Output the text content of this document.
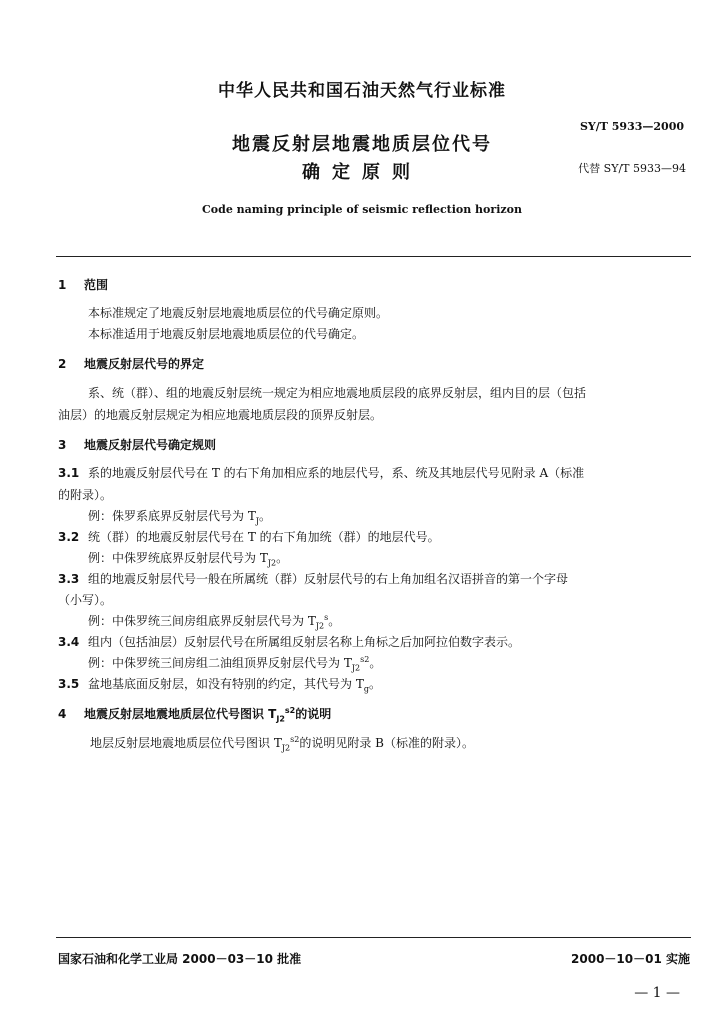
中华人民共和国石油天然气行业标准
SY/T 5933—2000
地震反射层地震地质层位代号
确定原则	代替 SY/T 5933—94
Code naming principle of seismic reflection horizon
1 范围
本标准规定了地震反射层地震地质层位的代号确定原则。
本标准适用于地震反射层地震地质层位的代号确定。
2 地震反射层代号的界定
系、统（群）、组的地震反射层统一规定为相应地震地质层段的底界反射层，组内目的层（包括
油层）的地震反射层规定为相应地震地质层段的顶界反射层。
3 地震反射层代号确定规则
3.1 系的地震反射层代号在 T 的右下角加相应系的地层代号，系、统及其地层代号见附录 A（标准
的附录）。
例：侏罗系底界反射层代号为 $T_J$。
3.2 统（群）的地震反射层代号在 T 的右下角加统（群）的地层代号。
例：中侏罗统底界反射层代号为 $T_{J2}$。
3.3 组的地震反射层代号一般在所属统（群）反射层代号的右上角加组名汉语拼音的第一个字母
（小写）。
例：中侏罗统三间房组底界反射层代号为 $T_{J2}^s$。
3.4 组内（包括油层）反射层代号在所属组反射层名称上角标之后加阿拉伯数字表示。
例：中侏罗统三间房组二油组顶界反射层代号为 $T_{J2}^{s2}$。
3.5 盆地基底面反射层，如没有特别的约定，其代号为 $T_g$。
4 地震反射层地震地质层位代号图识 $T_{J2}^{s2}$的说明
地层反射层地震地质层位代号图识 $T_{J2}^{s2}$的说明见附录 B（标准的附录）。
国家石油和化学工业局 2000－03－10 批准	2000－10－01 实施
— 1 —
